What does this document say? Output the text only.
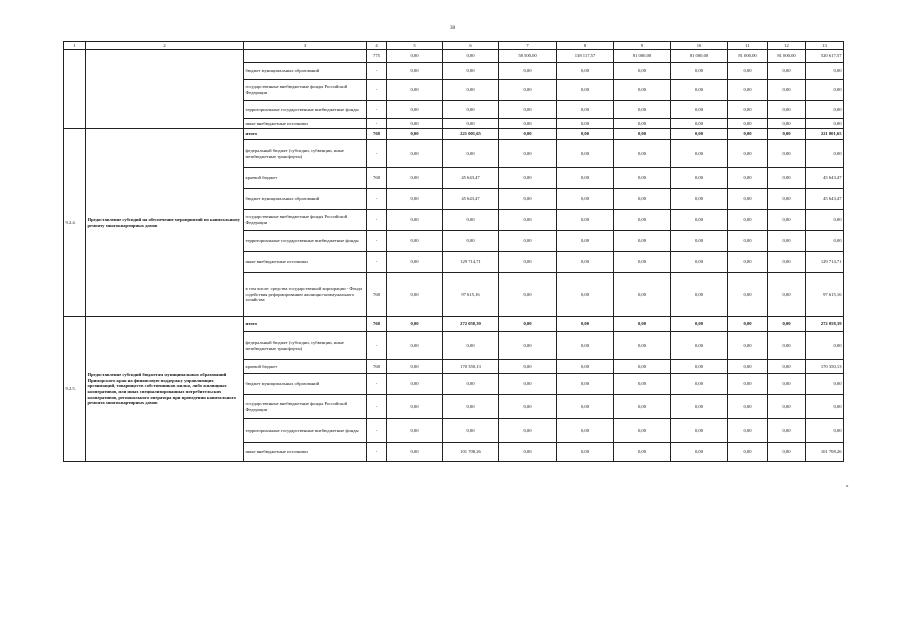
38
1	2	3	4	5	6	7	8	9	10	11	12	13
			775	0,00	0,00	58 500,00	138 117,57	81 000,00	81 000,00	81 000,00	81 000,00	520 617,57
		бюджет муниципальных образований	-	0,00	0,00	0,00	0,00	0,00	0,00	0,00	0,00	0,00
		государственные внебюджетные фонды Российской Федерации	-	0,00	0,00	0,00	0,00	0,00	0,00	0,00	0,00	0,00
		территориальные государственные внебюджетные фонды	-	0,00	0,00	0,00	0,00	0,00	0,00	0,00	0,00	0,00
		иные внебюджетные источники	-	0,00	0,00	0,00	0,00	0,00	0,00	0,00	0,00	0,00
9.2.4.	Предоставление субсидий на обеспечение мероприятий по капитальному ремонту многоквартирных домов	итого	768	0,00	221 001,65	0,00	0,00	0,00	0,00	0,00	0,00	221 001,65
		федеральный бюджет (субсидии, субвенции, иные межбюджетные трансферты)	-	0,00	0,00	0,00	0,00	0,00	0,00	0,00	0,00	0,00
		краевой бюджет	768	0,00	45 643,47	0,00	0,00	0,00	0,00	0,00	0,00	45 643,47
		бюджет муниципальных образований	-	0,00	45 643,47	0,00	0,00	0,00	0,00	0,00	0,00	45 643,47
		государственные внебюджетные фонды Российской Федерации	-	0,00	0,00	0,00	0,00	0,00	0,00	0,00	0,00	0,00
		территориальные государственные внебюджетные фонды	-	0,00	0,00	0,00	0,00	0,00	0,00	0,00	0,00	0,00
		иные внебюджетные источники	-	0,00	129 714,71	0,00	0,00	0,00	0,00	0,00	0,00	129 714,71
		в том числе: средства государственной корпорации - Фонда содействия реформированию жилищно-коммунального хозяйства	768	0,00	97 615,16	0,00	0,00	0,00	0,00	0,00	0,00	97 615,16
9.2.5.	Предоставление субсидий бюджетам муниципальных образований Приморского края на финансовую поддержку управляющих организаций, товариществ собственников жилья, либо жилищных кооперативов, или иных специализированных потребительских кооперативов, регионального оператора при проведении капитального ремонта многоквартирных домов	итого	768	0,00	272 058,39	0,00	0,00	0,00	0,00	0,00	0,00	272 058,39
		федеральный бюджет (субсидии, субвенции, иные межбюджетные трансферты)	-	0,00	0,00	0,00	0,00	0,00	0,00	0,00	0,00	0,00
		краевой бюджет	768	0,00	170 350,13	0,00	0,00	0,00	0,00	0,00	0,00	170 350,13
		бюджет муниципальных образований	-	0,00	0,00	0,00	0,00	0,00	0,00	0,00	0,00	0,00
		государственные внебюджетные фонды Российской Федерации	-	0,00	0,00	0,00	0,00	0,00	0,00	0,00	0,00	0,00
		территориальные государственные внебюджетные фонды	-	0,00	0,00	0,00	0,00	0,00	0,00	0,00	0,00	0,00
		иные внебюджетные источники	-	0,00	101 708,26	0,00	0,00	0,00	0,00	0,00	0,00	101 708,26
»
